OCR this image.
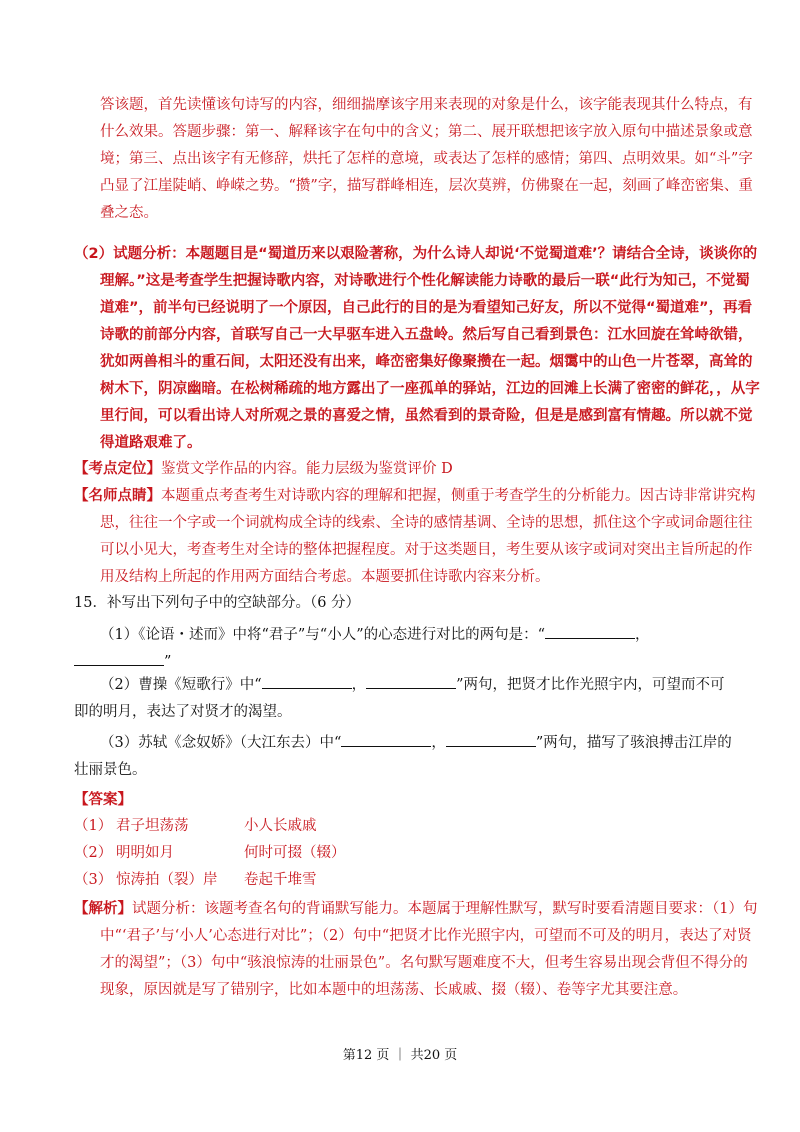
答该题，首先读懂该句诗写的内容，细细揣摩该字用来表现的对象是什么，该字能表现其什么特点，有什么效果。答题步骤：第一、解释该字在句中的含义；第二、展开联想把该字放入原句中描述景象或意境；第三、点出该字有无修辞，烘托了怎样的意境，或表达了怎样的感情；第四、点明效果。如“斗”字凸显了江崖陡峭、峥嵘之势。“攒”字，描写群峰相连，层次莫辨，仿佛聚在一起，刻画了峰峦密集、重叠之态。

（2）试题分析：本题题目是“蜀道历来以艰险著称，为什么诗人却说‘不觉蜀道难’？请结合全诗，谈谈你的理解。”这是考查学生把握诗歌内容，对诗歌进行个性化解读能力诗歌的最后一联“此行为知己，不觉蜀道难”，前半句已经说明了一个原因，自己此行的目的是为看望知己好友，所以不觉得“蜀道难”，再看诗歌的前部分内容，首联写自己一大早驱车进入五盘岭。然后写自己看到景色：江水回旋在耸峙欲错，犹如两兽相斗的重石间，太阳还没有出来，峰峦密集好像聚攒在一起。烟霭中的山色一片苍翠，高耸的树木下，阴凉幽暗。在松树稀疏的地方露出了一座孤单的驿站，江边的回滩上长满了密密的鲜花，，从字里行间，可以看出诗人对所观之景的喜爱之情，虽然看到的景奇险，但是是感到富有情趣。所以就不觉得道路艰难了。

【考点定位】鉴赏文学作品的内容。能力层级为鉴赏评价 D

【名师点睛】本题重点考查考生对诗歌内容的理解和把握，侧重于考查学生的分析能力。因古诗非常讲究构思，往往一个字或一个词就构成全诗的线索、全诗的感情基调、全诗的思想，抓住这个字或词命题往往可以小见大，考查考生对全诗的整体把握程度。对于这类题目，考生要从该字或词对突出主旨所起的作用及结构上所起的作用两方面结合考虑。本题要抓住诗歌内容来分析。

15．补写出下列句子中的空缺部分。（6 分）

（1）《论语・述而》中将“君子”与“小人”的心态进行对比的两句是：“	，”

（2）曹操《短歌行》中“	，	”两句，把贤才比作光照宇内，可望而不可即的明月，表达了对贤才的渴望。

（3）苏轼《念奴娇》（大江东去）中“	，	”两句，描写了骇浪搏击江岸的壮丽景色。

【答案】

（1） 君子坦荡荡	小人长戚戚
（2） 明明如月	何时可掇（辍）
（3） 惊涛拍（裂）岸 卷起千堆雪

【解析】试题分析：该题考查名句的背诵默写能力。本题属于理解性默写，默写时要看清题目要求：（1）句中“‘君子’与‘小人’心态进行对比”；（2）句中“把贤才比作光照宇内，可望而不可及的明月，表达了对贤才的渴望”；（3）句中“骇浪惊涛的壮丽景色”。名句默写题难度不大，但考生容易出现会背但不得分的现象，原因就是写了错别字，比如本题中的坦荡荡、长戚戚、掇（辍）、卷等字尤其要注意。

第12 页 ｜ 共20 页
